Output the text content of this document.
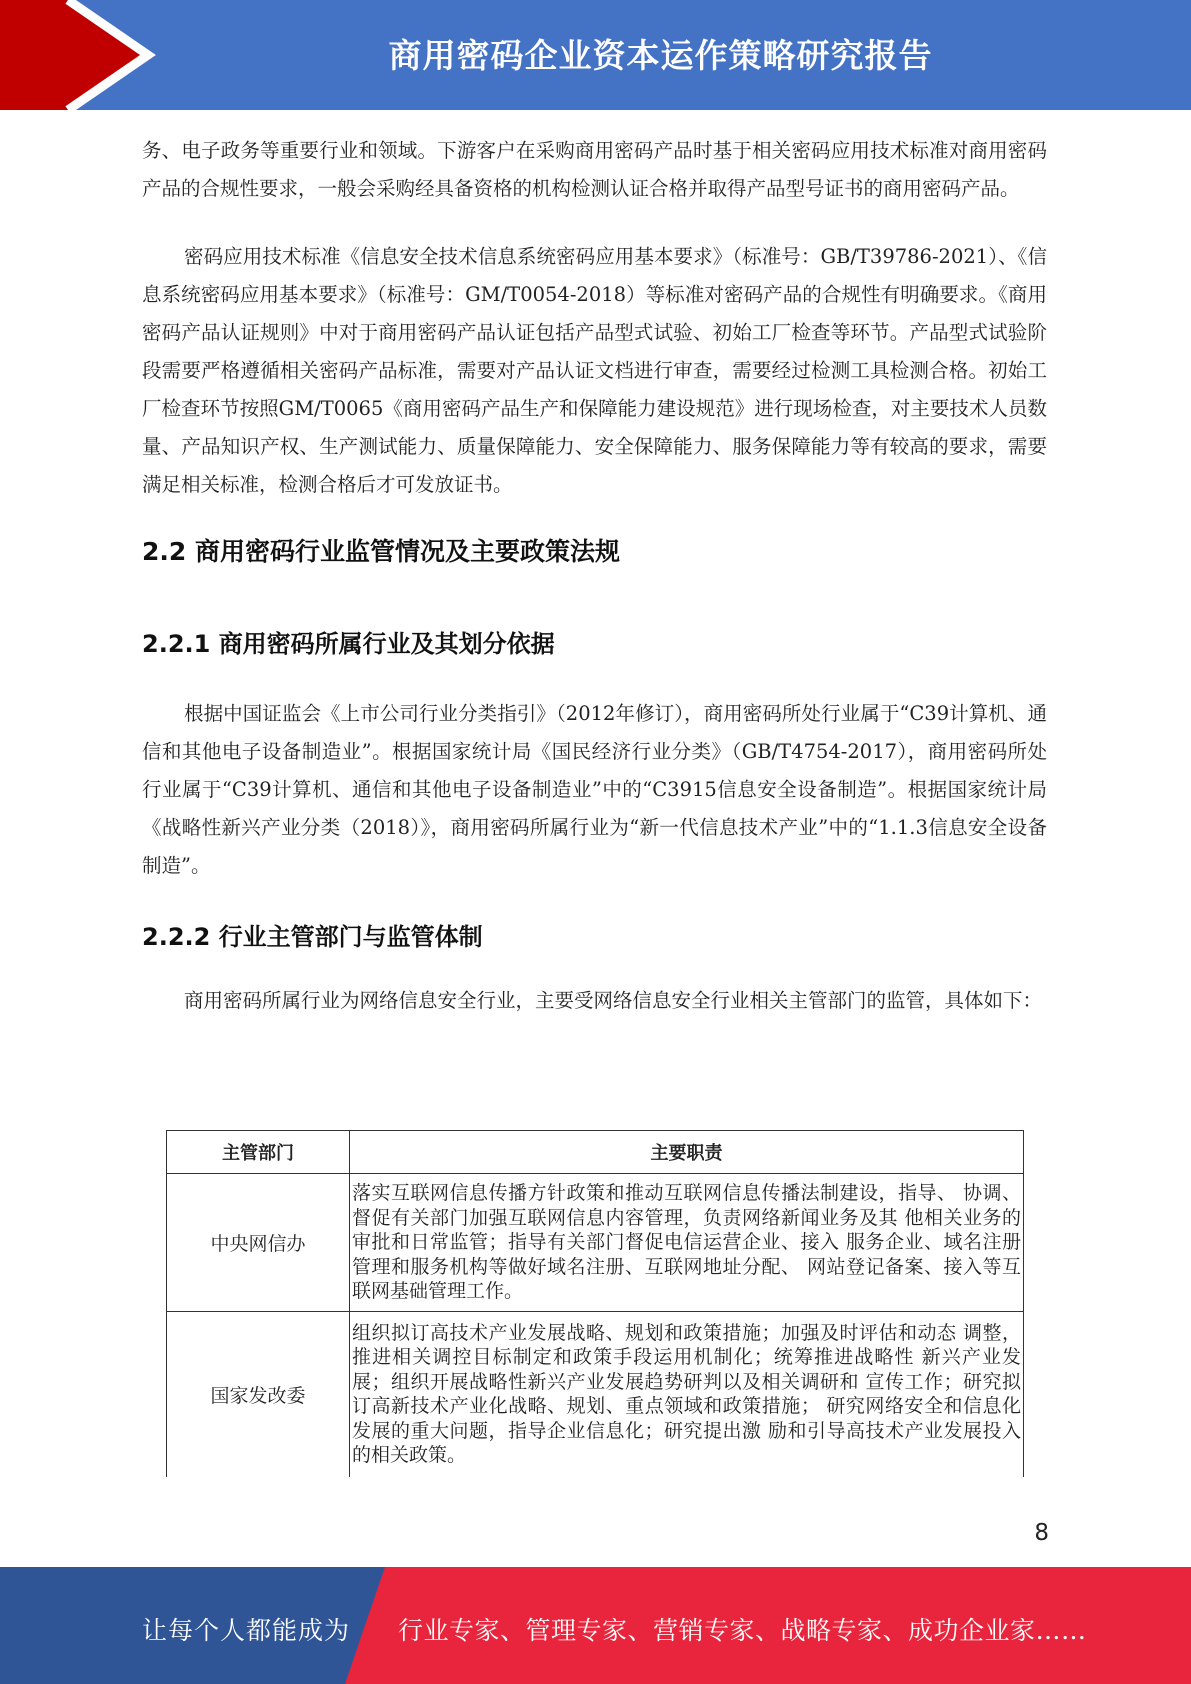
商用密码企业资本运作策略研究报告

务、电子政务等重要行业和领域。下游客户在采购商用密码产品时基于相关密码应用技术标准对商用密码产品的合规性要求，一般会采购经具备资格的机构检测认证合格并取得产品型号证书的商用密码产品。

密码应用技术标准《信息安全技术信息系统密码应用基本要求》（标准号：GB/T39786-2021）、《信息系统密码应用基本要求》（标准号：GM/T0054-2018）等标准对密码产品的合规性有明确要求。《商用密码产品认证规则》中对于商用密码产品认证包括产品型式试验、初始工厂检查等环节。产品型式试验阶段需要严格遵循相关密码产品标准，需要对产品认证文档进行审查，需要经过检测工具检测合格。初始工厂检查环节按照GM/T0065《商用密码产品生产和保障能力建设规范》进行现场检查，对主要技术人员数量、产品知识产权、生产测试能力、质量保障能力、安全保障能力、服务保障能力等有较高的要求，需要满足相关标准，检测合格后才可发放证书。

2.2 商用密码行业监管情况及主要政策法规
2.2.1 商用密码所属行业及其划分依据

根据中国证监会《上市公司行业分类指引》（2012年修订），商用密码所处行业属于“C39计算机、通信和其他电子设备制造业”。根据国家统计局《国民经济行业分类》（GB/T4754-2017），商用密码所处行业属于“C39计算机、通信和其他电子设备制造业”中的“C3915信息安全设备制造”。根据国家统计局《战略性新兴产业分类（2018）》，商用密码所属行业为“新一代信息技术产业”中的“1.1.3信息安全设备制造”。

2.2.2 行业主管部门与监管体制

商用密码所属行业为网络信息安全行业，主要受网络信息安全行业相关主管部门的监管，具体如下：

主管部门	主要职责
中央网信办	落实互联网信息传播方针政策和推动互联网信息传播法制建设，指导、 协调、督促有关部门加强互联网信息内容管理，负责网络新闻业务及其 他相关业务的审批和日常监管；指导有关部门督促电信运营企业、接入 服务企业、域名注册管理和服务机构等做好域名注册、互联网地址分配、 网站登记备案、接入等互联网基础管理工作。
国家发改委	组织拟订高技术产业发展战略、规划和政策措施；加强及时评估和动态 调整，推进相关调控目标制定和政策手段运用机制化；统筹推进战略性 新兴产业发展；组织开展战略性新兴产业发展趋势研判以及相关调研和 宣传工作；研究拟订高新技术产业化战略、规划、重点领域和政策措施； 研究网络安全和信息化发展的重大问题，指导企业信息化；研究提出激 励和引导高技术产业发展投入的相关政策。
8
让每个人都能成为 行业专家、管理专家、营销专家、战略专家、成功企业家……
